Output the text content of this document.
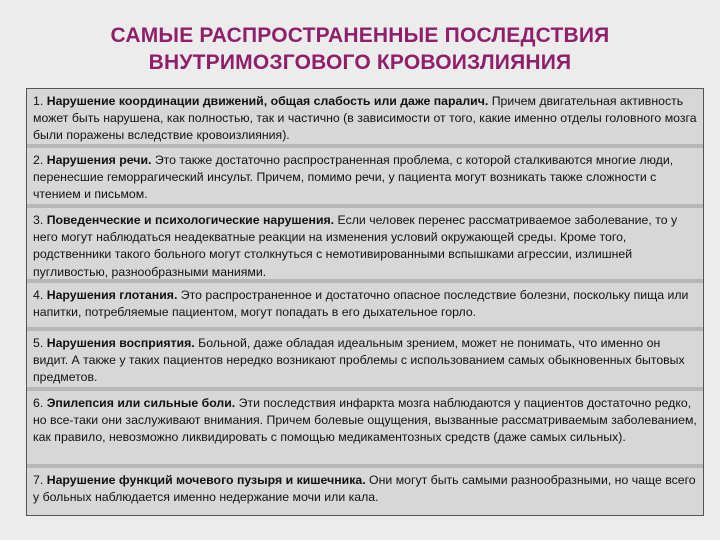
САМЫЕ РАСПРОСТРАНЕННЫЕ ПОСЛЕДСТВИЯ
ВНУТРИМОЗГОВОГО КРОВОИЗЛИЯНИЯ
1. Нарушение координации движений, общая слабость или даже паралич. Причем двигательная активность может быть нарушена, как полностью, так и частично (в зависимости от того, какие именно отделы головного мозга были поражены вследствие кровоизлияния).
2. Нарушения речи. Это также достаточно распространенная проблема, с которой сталкиваются многие люди, перенесшие геморрагический инсульт. Причем, помимо речи, у пациента могут возникать также сложности с чтением и письмом.
3. Поведенческие и психологические нарушения. Если человек перенес рассматриваемое заболевание, то у него могут наблюдаться неадекватные реакции на изменения условий окружающей среды. Кроме того, родственники такого больного могут столкнуться с немотивированными вспышками агрессии, излишней пугливостью, разнообразными маниями.
4. Нарушения глотания. Это распространенное и достаточно опасное последствие болезни, поскольку пища или напитки, потребляемые пациентом, могут попадать в его дыхательное горло.
5. Нарушения восприятия. Больной, даже обладая идеальным зрением, может не понимать, что именно он видит. А также у таких пациентов нередко возникают проблемы с использованием самых обыкновенных бытовых предметов.
6. Эпилепсия или сильные боли. Эти последствия инфаркта мозга наблюдаются у пациентов достаточно редко, но все-таки они заслуживают внимания. Причем болевые ощущения, вызванные рассматриваемым заболеванием, как правило, невозможно ликвидировать с помощью медикаментозных средств (даже самых сильных).
7. Нарушение функций мочевого пузыря и кишечника. Они могут быть самыми разнообразными, но чаще всего у больных наблюдается именно недержание мочи или кала.
